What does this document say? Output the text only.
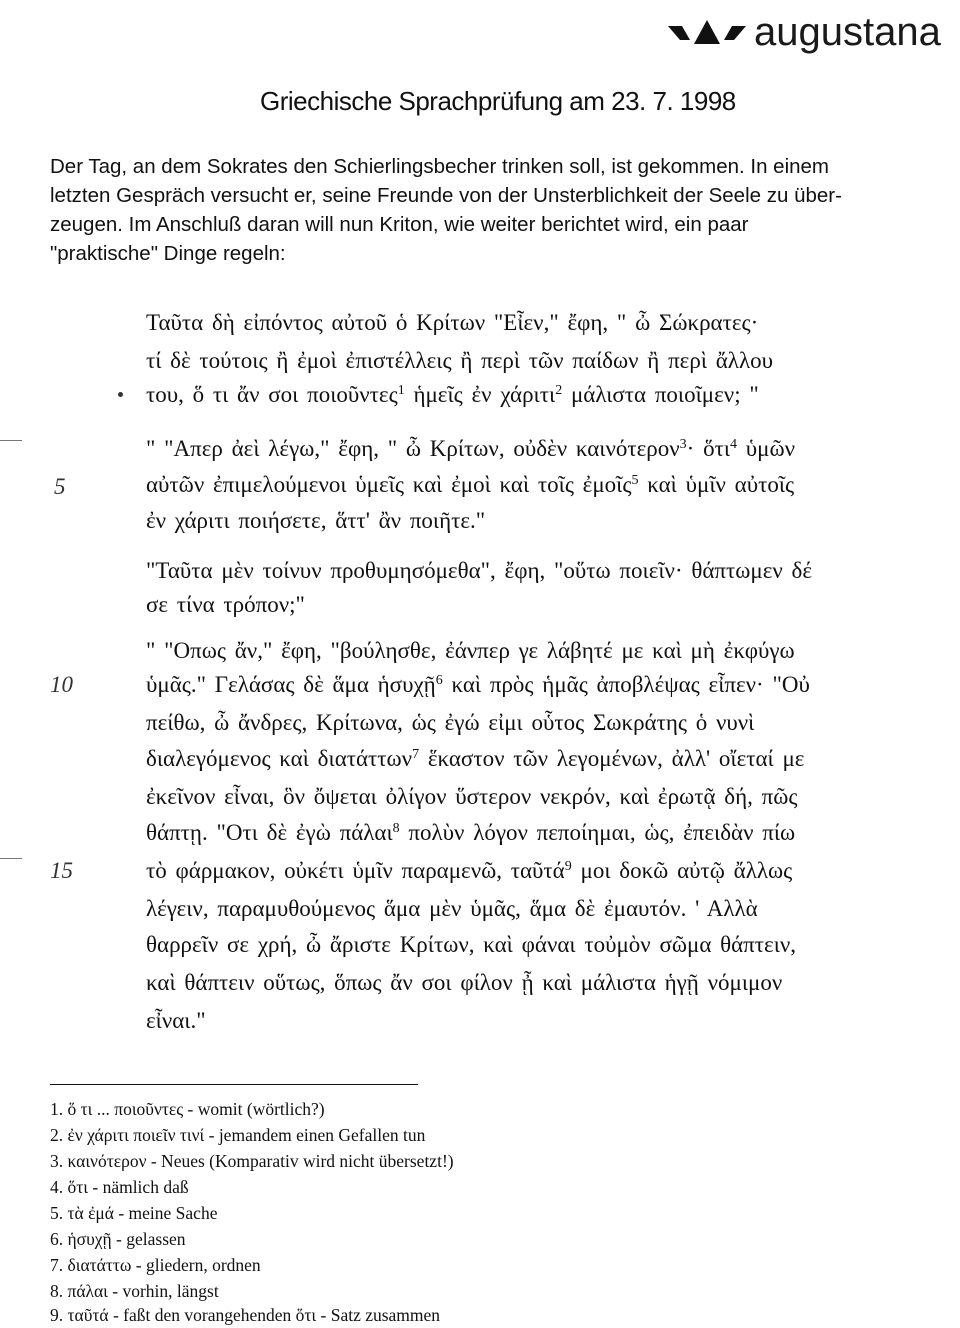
augustana
Griechische Sprachprüfung am 23. 7. 1998

Der Tag, an dem Sokrates den Schierlingsbecher trinken soll, ist gekommen. In einem
letzten Gespräch versucht er, seine Freunde von der Unsterblichkeit der Seele zu über-
zeugen. Im Anschluß daran will nun Kriton, wie weiter berichtet wird, ein paar
"praktische" Dinge regeln:

Ταῦτα δὴ εἰπόντος αὐτοῦ ὁ Κρίτων "Εἶεν," ἔφη, " ὦ Σώκρατες·
τί δὲ τούτοις ἢ ἐμοὶ ἐπιστέλλεις ἢ περὶ τῶν παίδων ἢ περὶ ἄλλου
του, ὅ τι ἄν σοι ποιοῦντες$^1$ ἡμεῖς ἐν χάριτι$^2$ μάλιστα ποιοῖμεν; "
" "Απερ ἀεὶ λέγω," ἔφη, " ὦ Κρίτων, οὐδὲν καινότερον$^3$· ὅτι$^4$ ὑμῶν
αὐτῶν ἐπιμελούμενοι ὑμεῖς καὶ ἐμοὶ καὶ τοῖς ἐμοῖς$^5$ καὶ ὑμῖν αὐτοῖς
ἐν χάριτι ποιήσετε, ἅττ' ἂν ποιῆτε."
"Ταῦτα μὲν τοίνυν προθυμησόμεθα", ἔφη, "οὕτω ποιεῖν· θάπτωμεν δέ
σε τίνα τρόπον;"
" "Οπως ἄν," ἔφη, "βούλησθε, ἐάνπερ γε λάβητέ με καὶ μὴ ἐκφύγω
ὑμᾶς." Γελάσας δὲ ἅμα ἡσυχῇ$^6$ καὶ πρὸς ἡμᾶς ἀποβλέψας εἶπεν· "Οὐ
πείθω, ὦ ἄνδρες, Κρίτωνα, ὡς ἐγώ εἰμι οὗτος Σωκράτης ὁ νυνὶ
διαλεγόμενος καὶ διατάττων$^7$ ἕκαστον τῶν λεγομένων, ἀλλ' οἴεταί με
ἐκεῖνον εἶναι, ὃν ὄψεται ὀλίγον ὕστερον νεκρόν, καὶ ἐρωτᾷ δή, πῶς
θάπτῃ. "Οτι δὲ ἐγὼ πάλαι$^8$ πολὺν λόγον πεποίημαι, ὡς, ἐπειδὰν πίω
τὸ φάρμακον, οὐκέτι ὑμῖν παραμενῶ, ταῦτά$^9$ μοι δοκῶ αὐτῷ ἄλλως
λέγειν, παραμυθούμενος ἅμα μὲν ὑμᾶς, ἅμα δὲ ἐμαυτόν. ' Αλλὰ
θαρρεῖν σε χρή, ὦ ἄριστε Κρίτων, καὶ φάναι τοὐμὸν σῶμα θάπτειν,
καὶ θάπτειν οὕτως, ὅπως ἄν σοι φίλον ᾖ καὶ μάλιστα ἡγῇ νόμιμον
εἶναι."
5
10
15
1. ὅ τι ... ποιοῦντες - womit (wörtlich?)
2. ἐν χάριτι ποιεῖν τινί - jemandem einen Gefallen tun
3. καινότερον - Neues (Komparativ wird nicht übersetzt!)
4. ὅτι - nämlich daß
5. τὰ ἐμά - meine Sache
6. ἡσυχῇ - gelassen
7. διατάττω - gliedern, ordnen
8. πάλαι - vorhin, längst
9. ταῦτά - faßt den vorangehenden ὅτι - Satz zusammen
